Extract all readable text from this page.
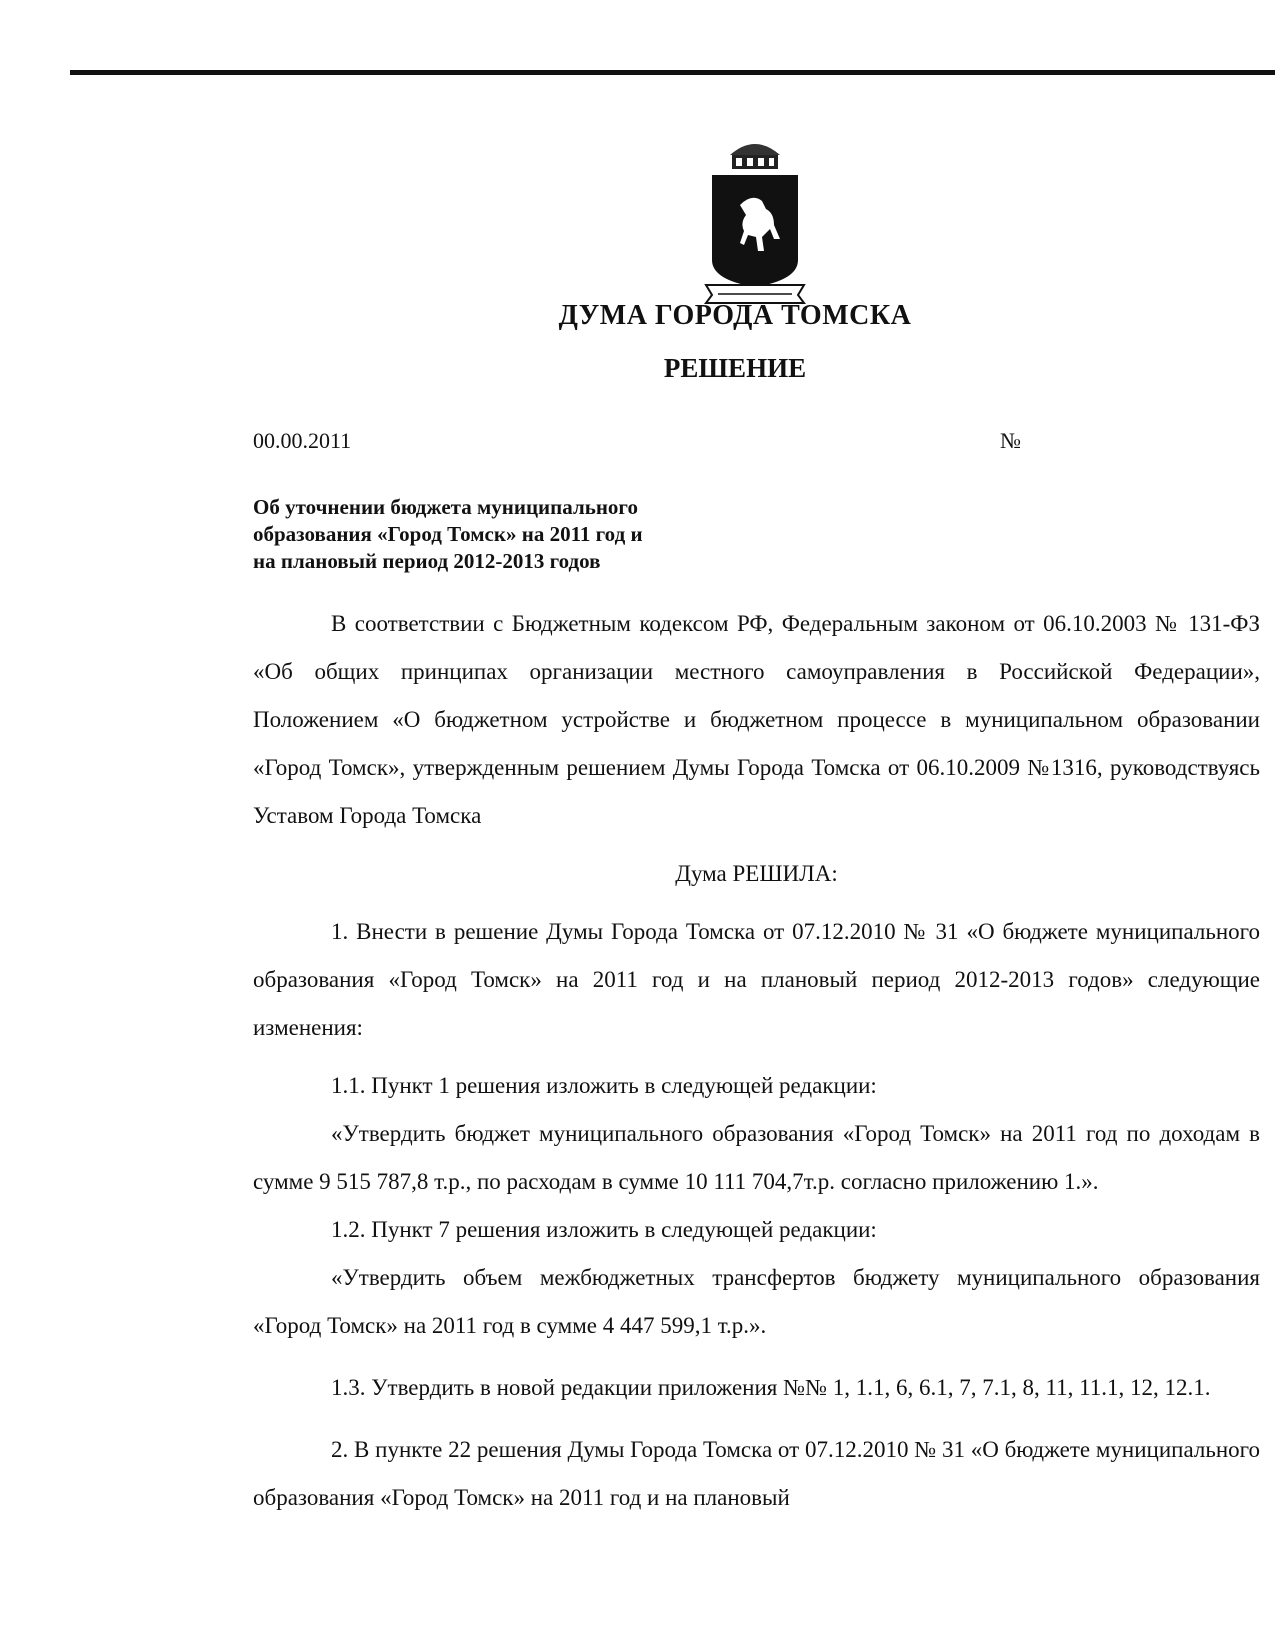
ДУМА ГОРОДА ТОМСКА
РЕШЕНИЕ
00.00.2011	№
Об уточнении бюджета муниципального
образования «Город Томск» на 2011 год и
на плановый период 2012-2013 годов

В соответствии с Бюджетным кодексом РФ, Федеральным законом от 06.10.2003 № 131-ФЗ «Об общих принципах организации местного самоуправления в Российской Федерации», Положением «О бюджетном устройстве и бюджетном процессе в муниципальном образовании «Город Томск», утвержденным решением Думы Города Томска от 06.10.2009 №1316, руководствуясь Уставом Города Томска

Дума РЕШИЛА:

1. Внести в решение Думы Города Томска от 07.12.2010 № 31 «О бюджете муниципального образования «Город Томск» на 2011 год и на плановый период 2012-2013 годов» следующие изменения:

1.1. Пункт 1 решения изложить в следующей редакции:

«Утвердить бюджет муниципального образования «Город Томск» на 2011 год по доходам в сумме 9 515 787,8 т.р., по расходам в сумме 10 111 704,7т.р. согласно приложению 1.».

1.2. Пункт 7 решения изложить в следующей редакции:

«Утвердить объем межбюджетных трансфертов бюджету муниципального образования «Город Томск» на 2011 год в сумме 4 447 599,1 т.р.».

1.3. Утвердить в новой редакции приложения №№ 1, 1.1, 6, 6.1, 7, 7.1, 8, 11, 11.1, 12, 12.1.

2. В пункте 22 решения Думы Города Томска от 07.12.2010 № 31 «О бюджете муниципального образования «Город Томск» на 2011 год и на плановый
